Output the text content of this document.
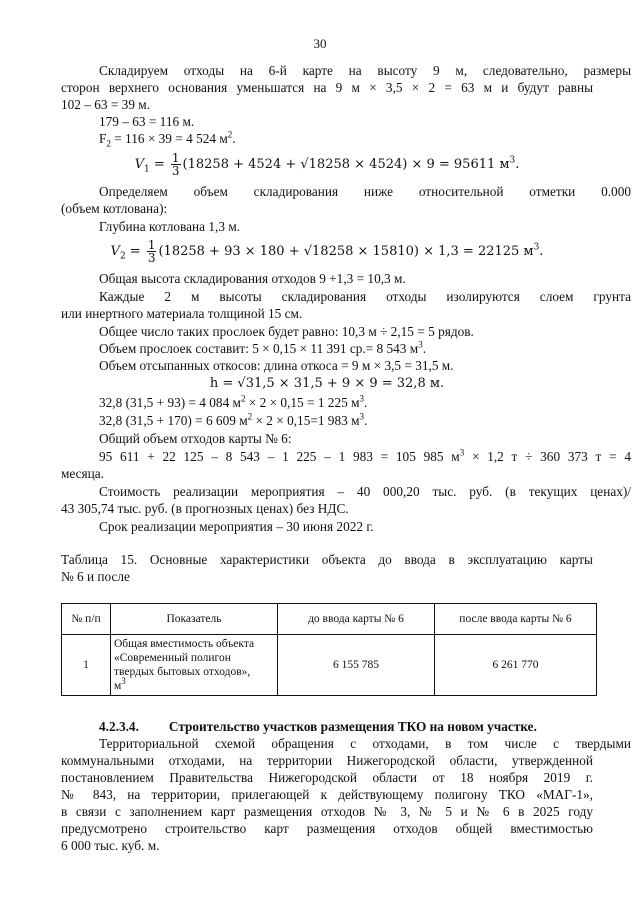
30
Складируем отходы на 6-й карте на высоту 9 м, следовательно, размеры
сторон верхнего основания уменьшатся на 9 м × 3,5 × 2 = 63 м и будут равны
102 – 63 = 39 м.
179 – 63 = 116 м.
$F_2 = 116 \times 39 = 4$ 524 $м^2$.
$V_1 = \frac{1}{3} (18258 + 4524 + √18258 \times 4524) \times 9 = 95611$ $м^3$.
Определяем объем складирования ниже относительной отметки 0.000
(объем котлована):
Глубина котлована 1,3 м.
$V_2 = \frac{1}{3} (18258 + 93 \times 180 + √18258 \times 15810) \times 1,3 = 22125$ $м^3$.
Общая высота складирования отходов 9 +1,3 = 10,3 м.
Каждые 2 м высоты складирования отходы изолируются слоем грунта
или инертного материала толщиной 15 см.
Общее число таких прослоек будет равно: 10,3 м ÷ 2,15 = 5 рядов.
Объем прослоек составит: 5 × 0,15 × 11 391 ср.= 8 543 $м^3$.
Объем отсыпанных откосов: длина откоса = 9 м × 3,5 = 31,5 м.
h = √31,5 × 31,5 + 9 × 9 = 32,8 м.
32,8 (31,5 + 93) = 4 084 $м^2 \times 2 \times 0,15 = 1$ 225 $м^3$.
32,8 (31,5 + 170) = 6 609 $м^2 \times 2 \times 0,15=1$ 983 $м^3$.
Общий объем отходов карты № 6:
95 611 + 22 125 – 8 543 – 1 225 – 1 983 = 105 985 $м^3 \times 1,2$ т ÷ 360 373 т = 4
месяца.
Стоимость реализации мероприятия – 40 000,20 тыс. руб. (в текущих ценах)/
43 305,74 тыс. руб. (в прогнозных ценах) без НДС.
Срок реализации мероприятия – 30 июня 2022 г.
Таблица 15. Основные характеристики объекта до ввода в эксплуатацию карты
№ 6 и после
№ п/п	Показатель	до ввода карты № 6	после ввода карты № 6
1	Общая вместимость объекта
«Современный полигон
твердых бытовых отходов»,
$м^3$	6 155 785	6 261 770
4.2.3.4. Строительство участков размещения ТКО на новом участке.
Территориальной схемой обращения с отходами, в том числе с твердыми
коммунальными отходами, на территории Нижегородской области, утвержденной
постановлением Правительства Нижегородской области от 18 ноября 2019 г.
№ 843, на территории, прилегающей к действующему полигону ТКО «МАГ-1»,
в связи с заполнением карт размещения отходов № 3, № 5 и № 6 в 2025 году
предусмотрено строительство карт размещения отходов общей вместимостью
6 000 тыс. куб. м.
